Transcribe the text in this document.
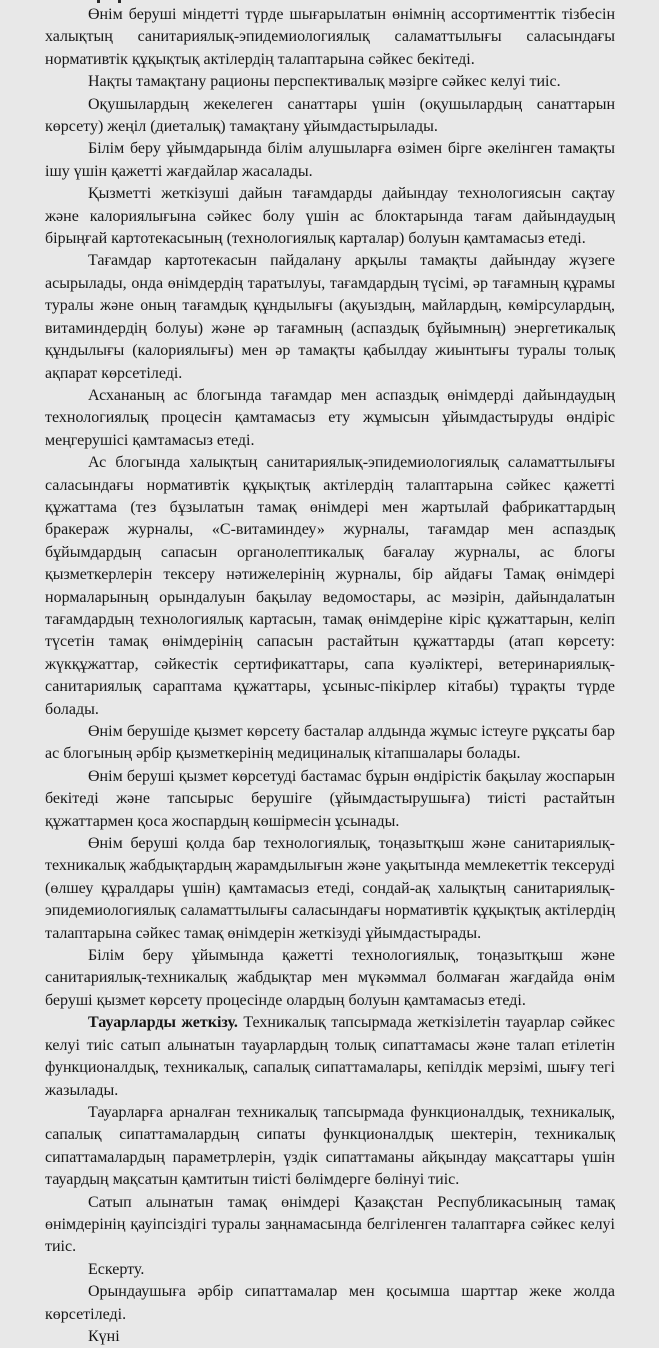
Өнім беруші міндетті түрде шығарылатын өнімнің ассортименттік тізбесін халықтың санитариялық-эпидемиологиялық саламаттылығы саласындағы нормативтік құқықтық актілердің талаптарына сәйкес бекітеді.

Нақты тамақтану рационы перспективалық мәзірге сәйкес келуі тиіс.

Оқушылардың жекелеген санаттары үшін (оқушылардың санаттарын көрсету) жеңіл (диеталық) тамақтану ұйымдастырылады.

Білім беру ұйымдарында білім алушыларға өзімен бірге әкелінген тамақты ішу үшін қажетті жағдайлар жасалады.

Қызметті жеткізуші дайын тағамдарды дайындау технологиясын сақтау және калориялығына сәйкес болу үшін ас блоктарында тағам дайындаудың бірыңғай картотекасының (технологиялық карталар) болуын қамтамасыз етеді.

Тағамдар картотекасын пайдалану арқылы тамақты дайындау жүзеге асырылады, онда өнімдердің таратылуы, тағамдардың түсімі, әр тағамның құрамы туралы және оның тағамдық құндылығы (ақуыздың, майлардың, көмірсулардың, витаминдердің болуы) және әр тағамның (аспаздық бұйымның) энергетикалық құндылығы (калориялығы) мен әр тамақты қабылдау жиынтығы туралы толық ақпарат көрсетіледі.

Асхананың ас блогында тағамдар мен аспаздық өнімдерді дайындаудың технологиялық процесін қамтамасыз ету жұмысын ұйымдастыруды өндіріс меңгерушісі қамтамасыз етеді.

Ас блогында халықтың санитариялық-эпидемиологиялық саламаттылығы саласындағы нормативтік құқықтық актілердің талаптарына сәйкес қажетті құжаттама (тез бұзылатын тамақ өнімдері мен жартылай фабрикаттардың бракераж журналы, «С-витаминдеу» журналы, тағамдар мен аспаздық бұйымдардың сапасын органолептикалық бағалау журналы, ас блогы қызметкерлерін тексеру нәтижелерінің журналы, бір айдағы Тамақ өнімдері нормаларының орындалуын бақылау ведомостары, ас мәзірін, дайындалатын тағамдардың технологиялық картасын, тамақ өнімдеріне кіріс құжаттарын, келіп түсетін тамақ өнімдерінің сапасын растайтын құжаттарды (атап көрсету: жүкқұжаттар, сәйкестік сертификаттары, сапа куәліктері, ветеринариялық-санитариялық сараптама құжаттары, ұсыныс-пікірлер кітабы) тұрақты түрде болады.

Өнім берушіде қызмет көрсету басталар алдында жұмыс істеуге рұқсаты бар ас блогының әрбір қызметкерінің медициналық кітапшалары болады.

Өнім беруші қызмет көрсетуді бастамас бұрын өндірістік бақылау жоспарын бекітеді және тапсырыс берушіге (ұйымдастырушыға) тиісті растайтын құжаттармен қоса жоспардың көшірмесін ұсынады.

Өнім беруші қолда бар технологиялық, тоңазытқыш және санитариялық-техникалық жабдықтардың жарамдылығын және уақытында мемлекеттік тексеруді (өлшеу құралдары үшін) қамтамасыз етеді, сондай-ақ халықтың санитариялық-эпидемиологиялық саламаттылығы саласындағы нормативтік құқықтық актілердің талаптарына сәйкес тамақ өнімдерін жеткізуді ұйымдастырады.

Білім беру ұйымында қажетті технологиялық, тоңазытқыш және санитариялық-техникалық жабдықтар мен мүкәммал болмаған жағдайда өнім беруші қызмет көрсету процесінде олардың болуын қамтамасыз етеді.

Тауарларды жеткізу. Техникалық тапсырмада жеткізілетін тауарлар сәйкес келуі тиіс сатып алынатын тауарлардың толық сипаттамасы және талап етілетін функционалдық, техникалық, сапалық сипаттамалары, кепілдік мерзімі, шығу тегі жазылады.

Тауарларға арналған техникалық тапсырмада функционалдық, техникалық, сапалық сипаттамалардың сипаты функционалдық шектерін, техникалық сипаттамалардың параметрлерін, үздік сипаттаманы айқындау мақсаттары үшін тауардың мақсатын қамтитын тиісті бөлімдерге бөлінуі тиіс.

Сатып алынатын тамақ өнімдері Қазақстан Республикасының тамақ өнімдерінің қауіпсіздігі туралы заңнамасында белгіленген талаптарға сәйкес келуі тиіс.

Ескерту.

Орындаушыға әрбір сипаттамалар мен қосымша шарттар жеке жолда көрсетіледі.

Күні
